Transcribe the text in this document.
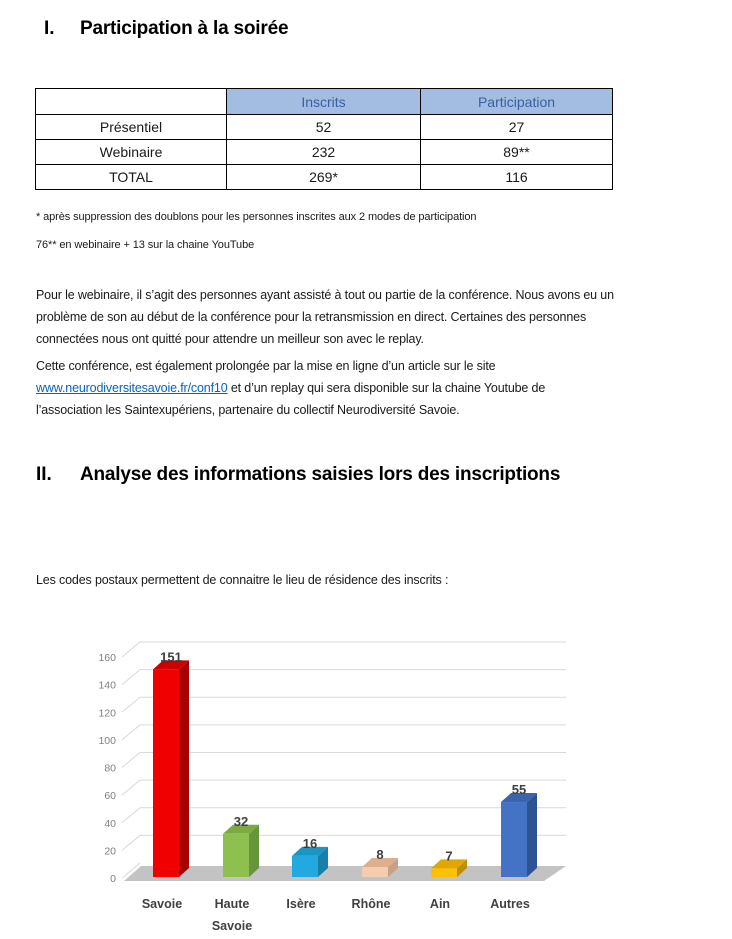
I. Participation à la soirée
	Inscrits	Participation
Présentiel	52	27
Webinaire	232	89**
TOTAL	269*	116
* après suppression des doublons pour les personnes inscrites aux 2 modes de participation
76** en webinaire + 13 sur la chaine YouTube
Pour le webinaire, il s’agit des personnes ayant assisté à tout ou partie de la conférence. Nous avons eu un
problème de son au début de la conférence pour la retransmission en direct. Certaines des personnes
connectées nous ont quitté pour attendre un meilleur son avec le replay.
Cette conférence, est également prolongée par la mise en ligne d’un article sur le site
www.neurodiversitesavoie.fr/conf10 et d’un replay qui sera disponible sur la chaine Youtube de
l’association les Saintexupériens, partenaire du collectif Neurodiversité Savoie.
II. Analyse des informations saisies lors des inscriptions
Les codes postaux permettent de connaitre le lieu de résidence des inscrits :
0
20
40
60
80
100
120
140
160	151
Savoie
32
Haute
Savoie
16
Isère
8
Rhône
7
Ain
55
Autres
